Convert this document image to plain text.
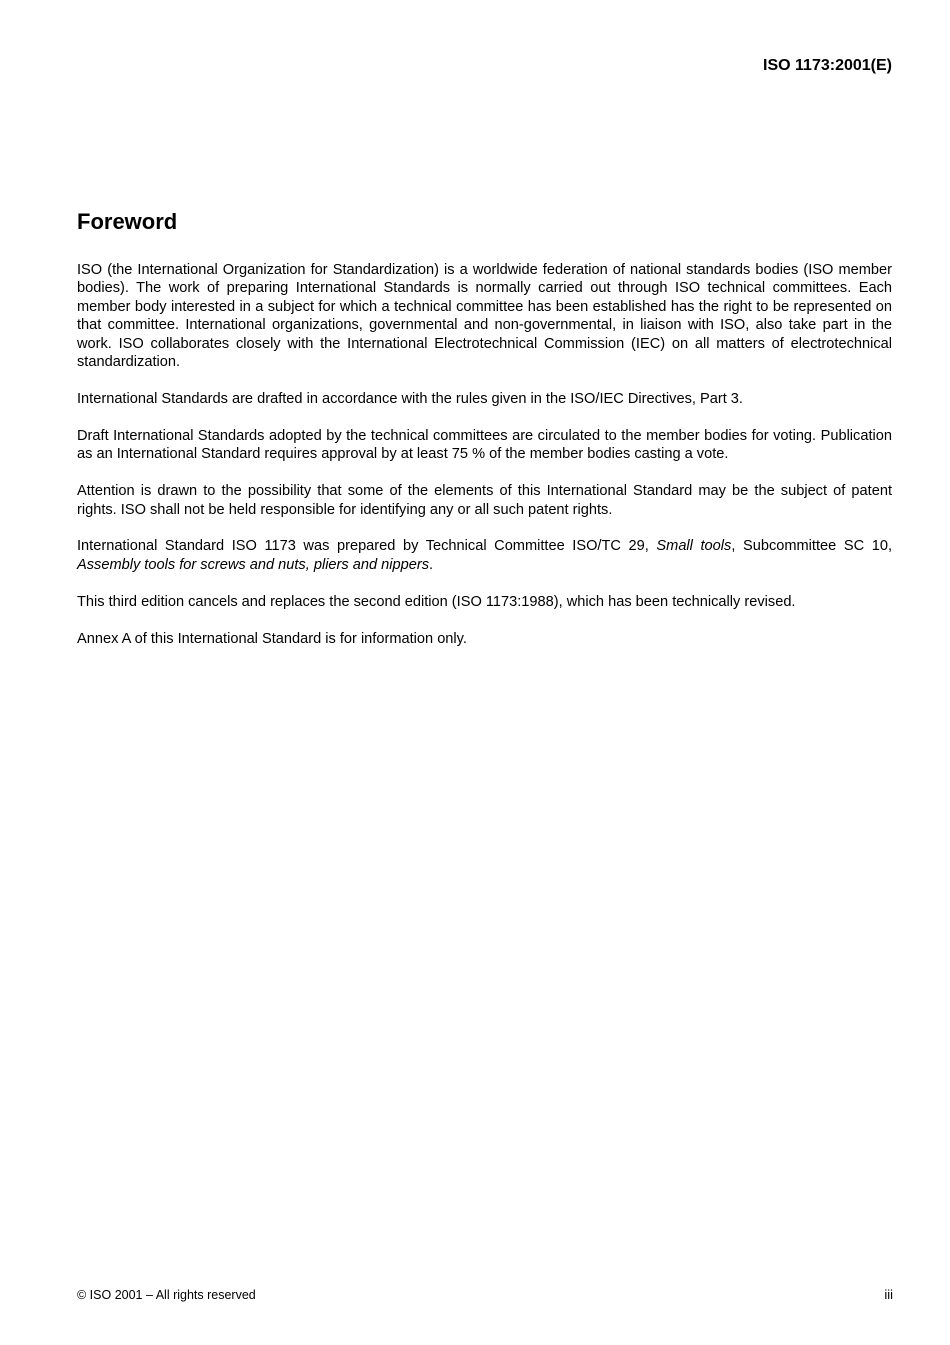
ISO 1173:2001(E)

Foreword

ISO (the International Organization for Standardization) is a worldwide federation of national standards bodies (ISO member bodies). The work of preparing International Standards is normally carried out through ISO technical committees. Each member body interested in a subject for which a technical committee has been established has the right to be represented on that committee. International organizations, governmental and non-governmental, in liaison with ISO, also take part in the work. ISO collaborates closely with the International Electrotechnical Commission (IEC) on all matters of electrotechnical standardization.

International Standards are drafted in accordance with the rules given in the ISO/IEC Directives, Part 3.

Draft International Standards adopted by the technical committees are circulated to the member bodies for voting. Publication as an International Standard requires approval by at least 75 % of the member bodies casting a vote.

Attention is drawn to the possibility that some of the elements of this International Standard may be the subject of patent rights. ISO shall not be held responsible for identifying any or all such patent rights.

International Standard ISO 1173 was prepared by Technical Committee ISO/TC 29, Small tools, Subcommittee SC 10, Assembly tools for screws and nuts, pliers and nippers.

This third edition cancels and replaces the second edition (ISO 1173:1988), which has been technically revised.

Annex A of this International Standard is for information only.

© ISO 2001 – All rights reserved	iii
